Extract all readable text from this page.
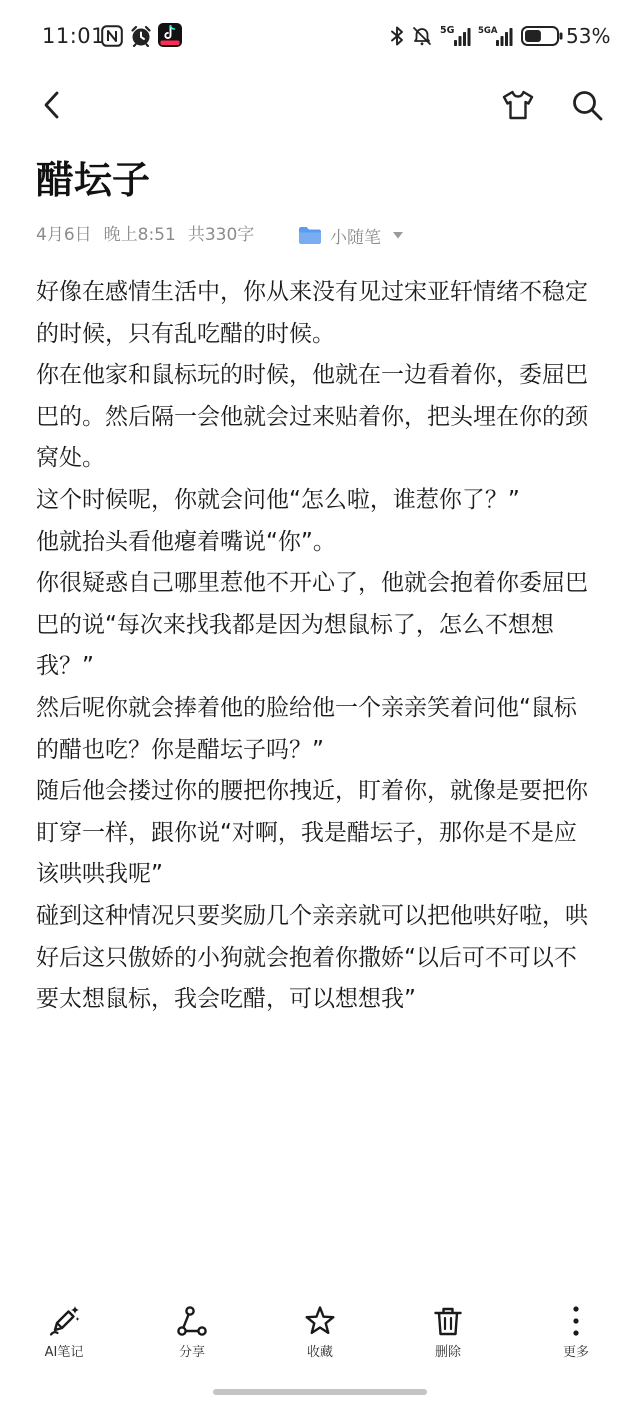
11:01	5G	5GA	53%
醋坛子
4月6日 晚上8:51 共330字	小随笔

好像在感情生活中，你从来没有见过宋亚轩情绪不稳定的时候，只有乱吃醋的时候。

你在他家和鼠标玩的时候，他就在一边看着你，委屈巴巴的。然后隔一会他就会过来贴着你，把头埋在你的颈窝处。

这个时候呢，你就会问他“怎么啦，谁惹你了？”

他就抬头看他瘪着嘴说“你”。

你很疑惑自己哪里惹他不开心了，他就会抱着你委屈巴巴的说“每次来找我都是因为想鼠标了，怎么不想想我？”

然后呢你就会捧着他的脸给他一个亲亲笑着问他“鼠标的醋也吃？你是醋坛子吗？”

随后他会搂过你的腰把你拽近，盯着你，就像是要把你盯穿一样，跟你说“对啊，我是醋坛子，那你是不是应该哄哄我呢”

碰到这种情况只要奖励几个亲亲就可以把他哄好啦，哄好后这只傲娇的小狗就会抱着你撒娇“以后可不可以不要太想鼠标，我会吃醋，可以想想我”

AI笔记	分享	收藏	删除	更多
